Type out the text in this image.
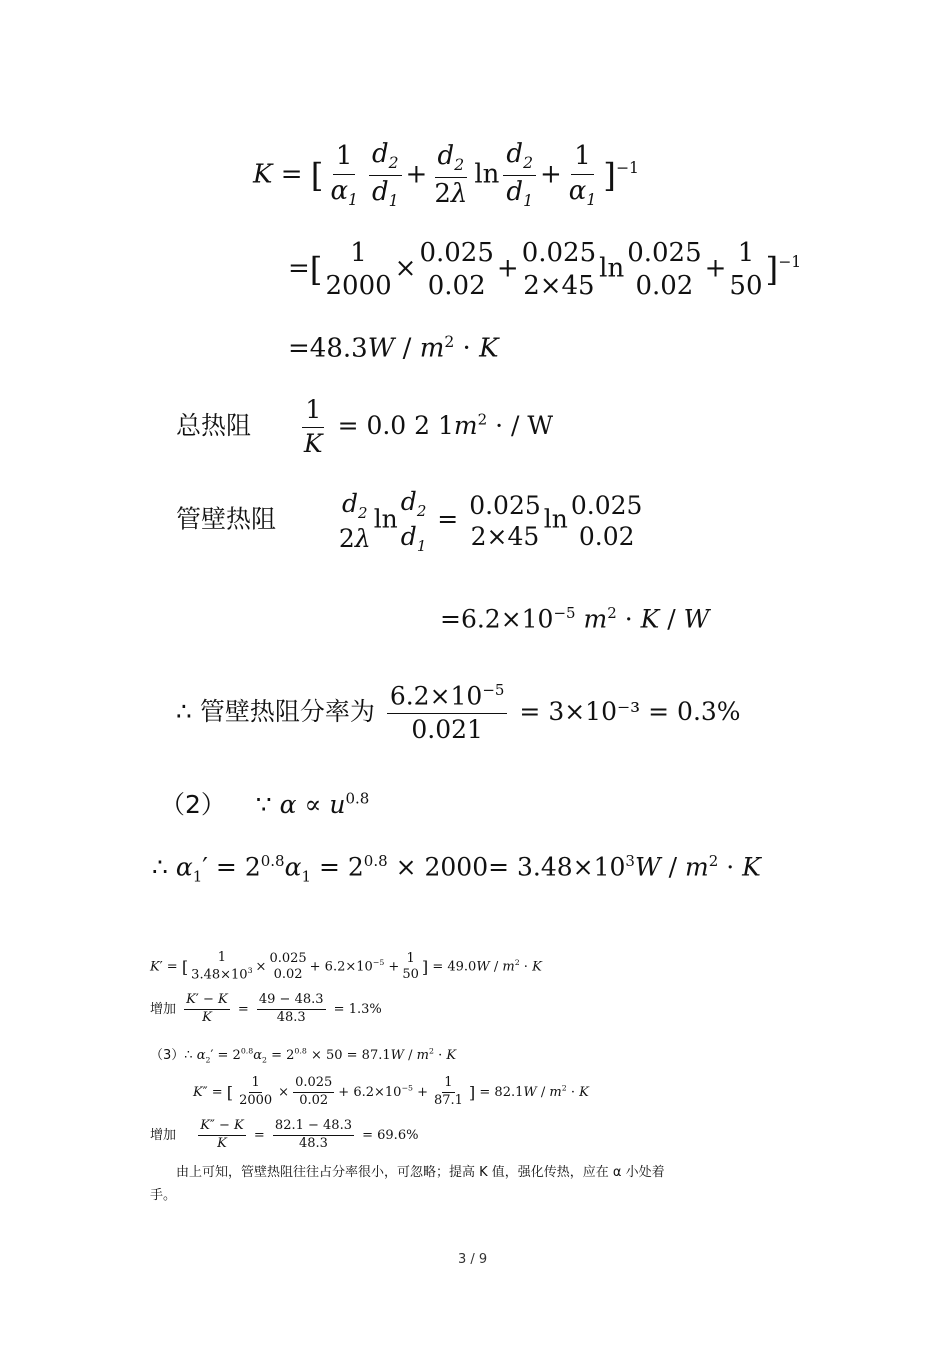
K = [ $\frac{1}{\alpha_1} \frac{d_2}{d_1} + \frac{d_2}{2\lambda}$ $\ln \frac{d_2}{d_1} + \frac{1}{\alpha_1} ]^{-1}$
=[ 1
2000
×
0.025
0.02
+
0.025
2×45
ln
0.025
0.02
+
1
50 ]$^{-1}$
$=48.3W / m^2 \cdot K$
总热阻 $\frac{1}{K} = 0.0$ 2 $1m^2$ · / W
管壁热阻
$d_2$
2λ
ln
$d_2$
$d_1$
= 0.025
2×45
ln 0.025
0.02
$=6.2\times 10^{-5}$ $m^2 \cdot K / W$
∴ 管壁热阻分率为 $\frac{6.2\times 10^{-5}}{0.021} = 3\times 10^{-3} = 0.3\%$
（2）  ∵ $\alpha \propto u^{0.8}$
∴ $\alpha_1' = 2^{0.8}\alpha_1 = 2^{0.8} \times 2000= 3.48\times 10^3W / m^2 \cdot K$
K′ = [ 1
$3.48\times 10^3$ ×
0.025
$0.02 + 6.2\times 10^{-5}$ +
1
50 ] = $49.0W / m^2 \cdot K$
增加 $\frac{K' - K}{K} = \frac{49 - 48.3}{48.3} = 1.3\%$
（3）∴ $\alpha_2' = 2^{0.8}\alpha_2 = 2^{0.8} \times 50 = 87.1W / m^2 \cdot K$
K″ = [ $\frac{1}{2000} \times \frac{0.025}{0.02} + 6.2\times 10^{-5} + \frac{1}{87.1}$ ] = $82.1W / m^2 \cdot K$
增加 $\frac{K'' - K}{K} = \frac{82.1 - 48.3}{48.3} = 69.6\%$
由上可知，管壁热阻往往占分率很小，可忽略；提高 K 值，强化传热，应在 α 小处着
手。
3 / 9
